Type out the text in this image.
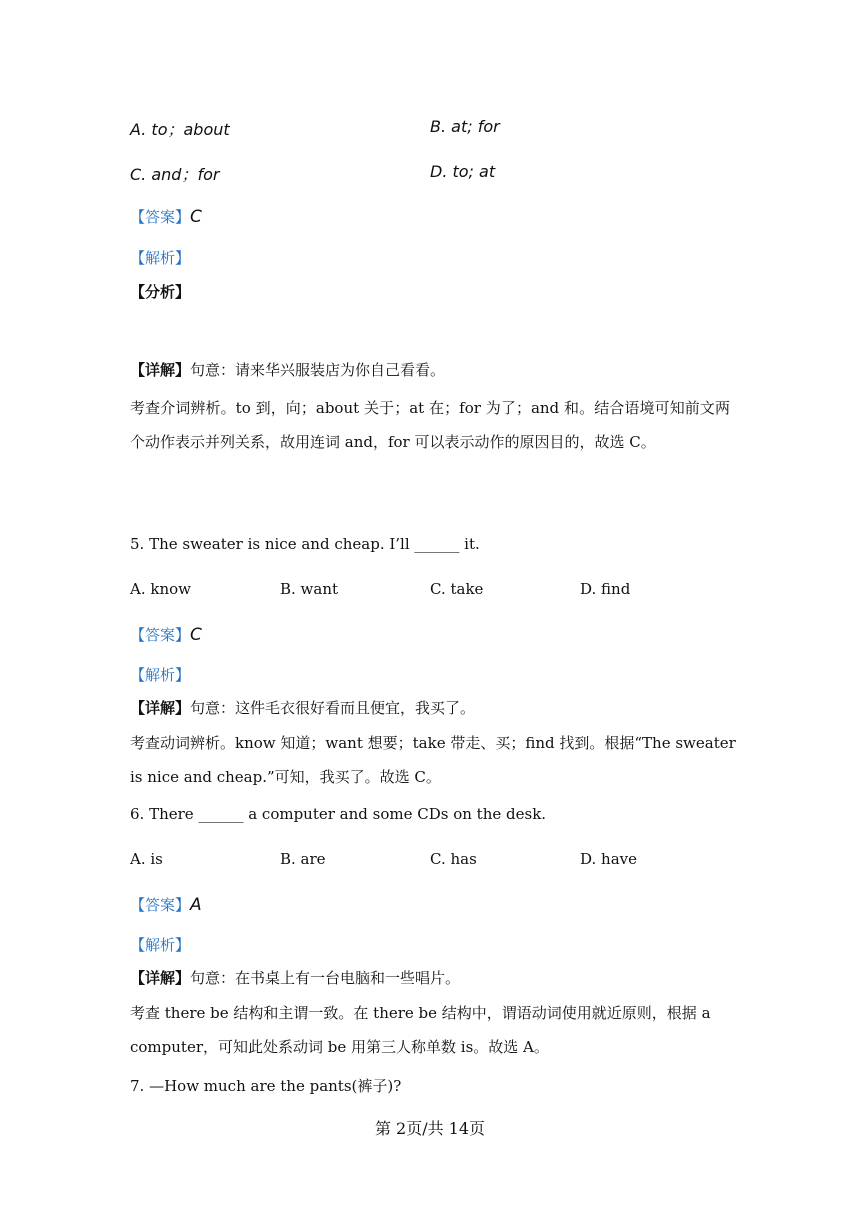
A. to；about	B. at; for
C. and；for	D. to; at
【答案】C
【解析】
【分析】
【详解】句意：请来华兴服装店为你自己看看。
考查介词辨析。to 到，向；about 关于；at 在；for 为了；and 和。结合语境可知前文两个动作表示并列关系，故用连词 and，for 可以表示动作的原因目的，故选 C。
5. The sweater is nice and cheap. I’ll ______ it.
A. know	B. want	C. take	D. find
【答案】C
【解析】
【详解】句意：这件毛衣很好看而且便宜，我买了。
考查动词辨析。know 知道；want 想要；take 带走、买；find 找到。根据“The sweater
is nice and cheap.”可知，我买了。故选 C。
6. There ______ a computer and some CDs on the desk.
A. is	B. are	C. has	D. have
【答案】A
【解析】
【详解】句意：在书桌上有一台电脑和一些唱片。
考查 there be 结构和主谓一致。在 there be 结构中，谓语动词使用就近原则，根据 a
computer，可知此处系动词 be 用第三人称单数 is。故选 A。
7. —How much are the pants(裤子)?
第 2页/共 14页
